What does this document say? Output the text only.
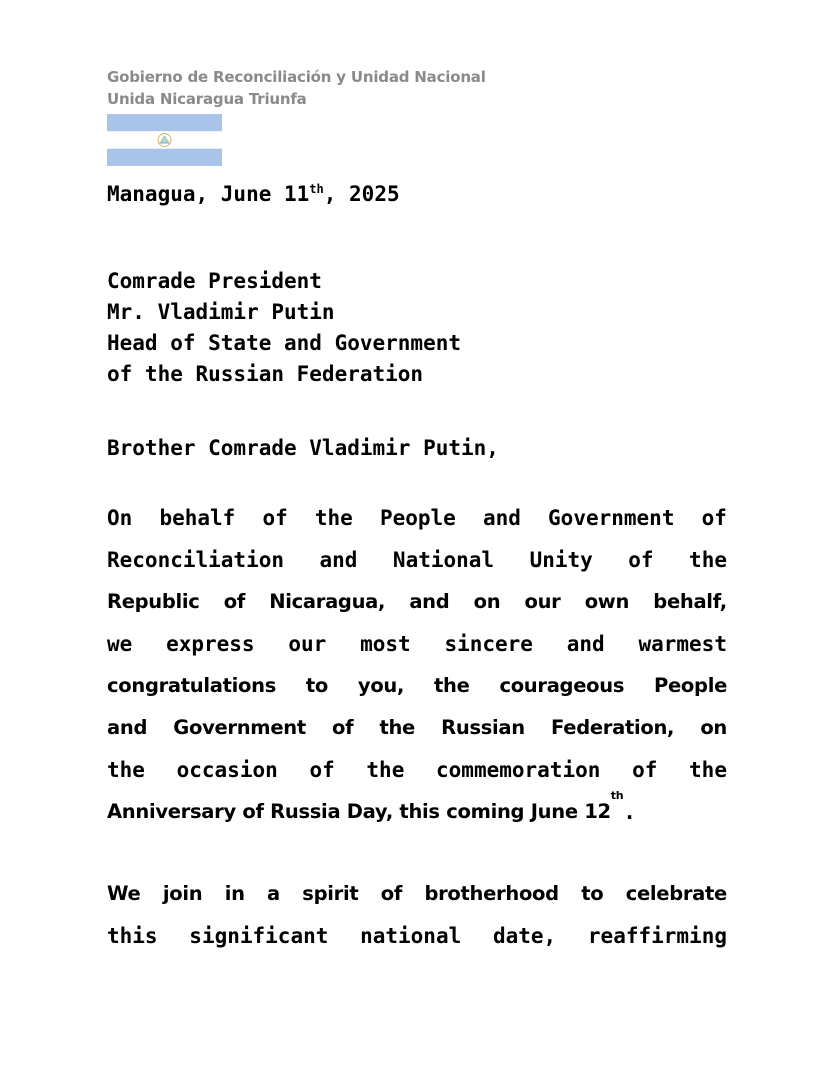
Gobierno de Reconciliación y Unidad Nacional
Unida Nicaragua Triunfa
Managua, June 11th, 2025
Comrade President
Mr. Vladimir Putin
Head of State and Government
of the Russian Federation
Brother Comrade Vladimir Putin,
On behalf of the People and Government of
Reconciliation and National Unity of the
Republic of Nicaragua, and on our own behalf,
we express our most sincere and warmest
congratulations to you, the courageous People
and Government of the Russian Federation, on
the occasion of the commemoration of the
Anniversary of Russia Day, this coming June 12
th
.
We join in a spirit of brotherhood to celebrate
this significant national date, reaffirming
